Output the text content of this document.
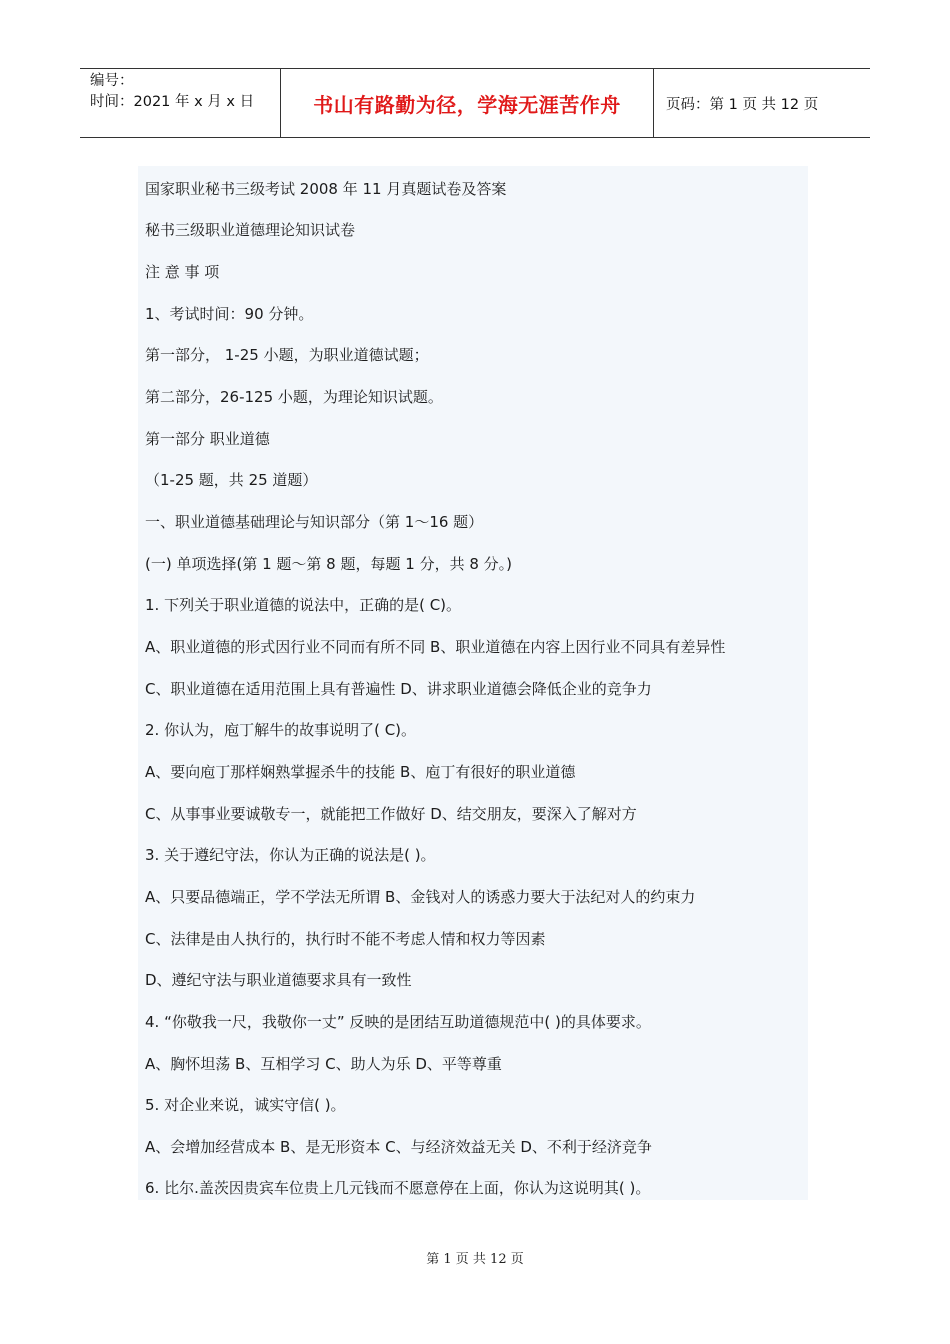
编号：
时间：2021 年 x 月 x 日	书山有路勤为径，学海无涯苦作舟	页码：第 1 页 共 12 页
国家职业秘书三级考试 2008 年 11 月真题试卷及答案
秘书三级职业道德理论知识试卷
注 意 事 项
1、考试时间：90 分钟。
第一部分， 1-25 小题，为职业道德试题；
第二部分，26-125 小题，为理论知识试题。
第一部分 职业道德
（1-25 题，共 25 道题）
一、职业道德基础理论与知识部分（第 1～16 题）
(一) 单项选择(第 1 题～第 8 题，每题 1 分，共 8 分。)
1. 下列关于职业道德的说法中，正确的是( C)。
A、职业道德的形式因行业不同而有所不同 B、职业道德在内容上因行业不同具有差异性
C、职业道德在适用范围上具有普遍性 D、讲求职业道德会降低企业的竞争力
2. 你认为，庖丁解牛的故事说明了( C)。
A、要向庖丁那样娴熟掌握杀牛的技能 B、庖丁有很好的职业道德
C、从事事业要诚敬专一，就能把工作做好 D、结交朋友，要深入了解对方
3. 关于遵纪守法，你认为正确的说法是( )。
A、只要品德端正，学不学法无所谓 B、金钱对人的诱惑力要大于法纪对人的约束力
C、法律是由人执行的，执行时不能不考虑人情和权力等因素
D、遵纪守法与职业道德要求具有一致性
4. “你敬我一尺，我敬你一丈” 反映的是团结互助道德规范中( )的具体要求。
A、胸怀坦荡 B、互相学习 C、助人为乐 D、平等尊重
5. 对企业来说，诚实守信( )。
A、会增加经营成本 B、是无形资本 C、与经济效益无关 D、不利于经济竞争
6. 比尔.盖茨因贵宾车位贵上几元钱而不愿意停在上面，你认为这说明其( )。
第 1 页 共 12 页
